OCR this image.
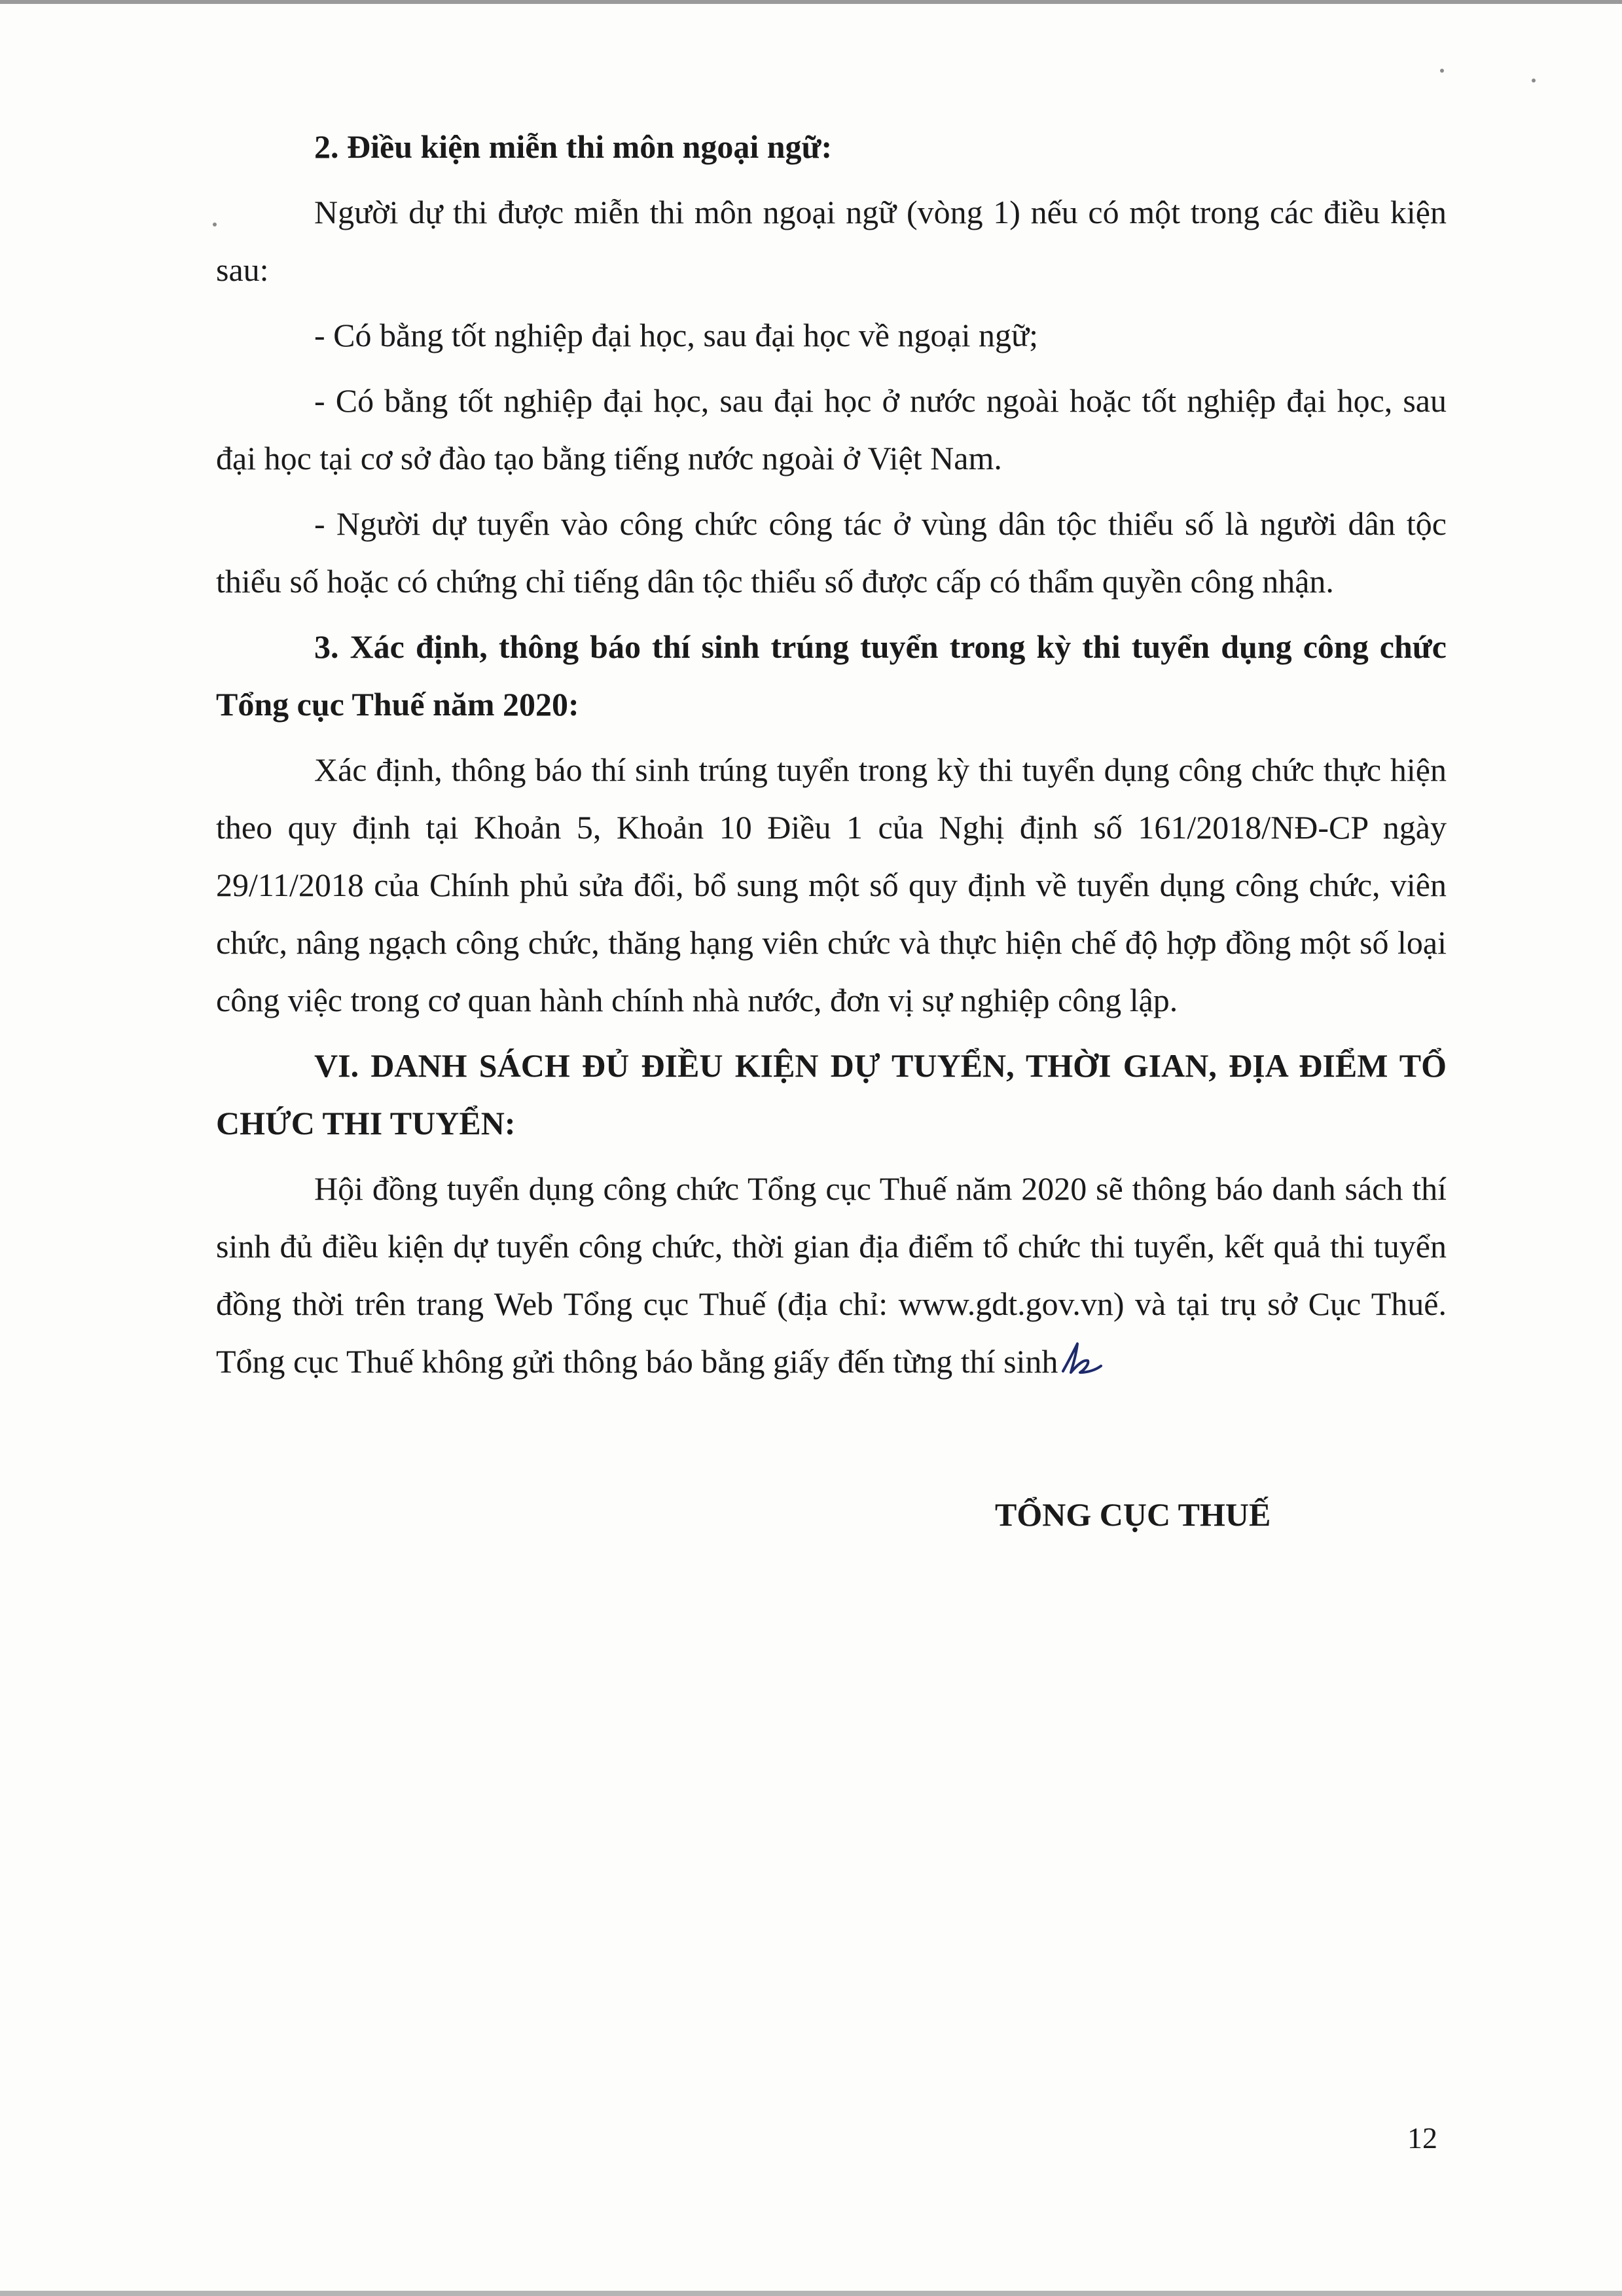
2. Điều kiện miễn thi môn ngoại ngữ:

Người dự thi được miễn thi môn ngoại ngữ (vòng 1) nếu có một trong các điều kiện sau:

- Có bằng tốt nghiệp đại học, sau đại học về ngoại ngữ;

- Có bằng tốt nghiệp đại học, sau đại học ở nước ngoài hoặc tốt nghiệp đại học, sau đại học tại cơ sở đào tạo bằng tiếng nước ngoài ở Việt Nam.

- Người dự tuyển vào công chức công tác ở vùng dân tộc thiểu số là người dân tộc thiểu số hoặc có chứng chỉ tiếng dân tộc thiểu số được cấp có thẩm quyền công nhận.

3. Xác định, thông báo thí sinh trúng tuyển trong kỳ thi tuyển dụng công chức Tổng cục Thuế năm 2020:

Xác định, thông báo thí sinh trúng tuyển trong kỳ thi tuyển dụng công chức thực hiện theo quy định tại Khoản 5, Khoản 10 Điều 1 của Nghị định số 161/2018/NĐ-CP ngày 29/11/2018 của Chính phủ sửa đổi, bổ sung một số quy định về tuyển dụng công chức, viên chức, nâng ngạch công chức, thăng hạng viên chức và thực hiện chế độ hợp đồng một số loại công việc trong cơ quan hành chính nhà nước, đơn vị sự nghiệp công lập.

VI. DANH SÁCH ĐỦ ĐIỀU KIỆN DỰ TUYỂN, THỜI GIAN, ĐỊA ĐIỂM TỔ CHỨC THI TUYỂN:

Hội đồng tuyển dụng công chức Tổng cục Thuế năm 2020 sẽ thông báo danh sách thí sinh đủ điều kiện dự tuyển công chức, thời gian địa điểm tổ chức thi tuyển, kết quả thi tuyển đồng thời trên trang Web Tổng cục Thuế (địa chỉ: www.gdt.gov.vn) và tại trụ sở Cục Thuế. Tổng cục Thuế không gửi thông báo bằng giấy đến từng thí sinh

TỔNG CỤC THUẾ
12
